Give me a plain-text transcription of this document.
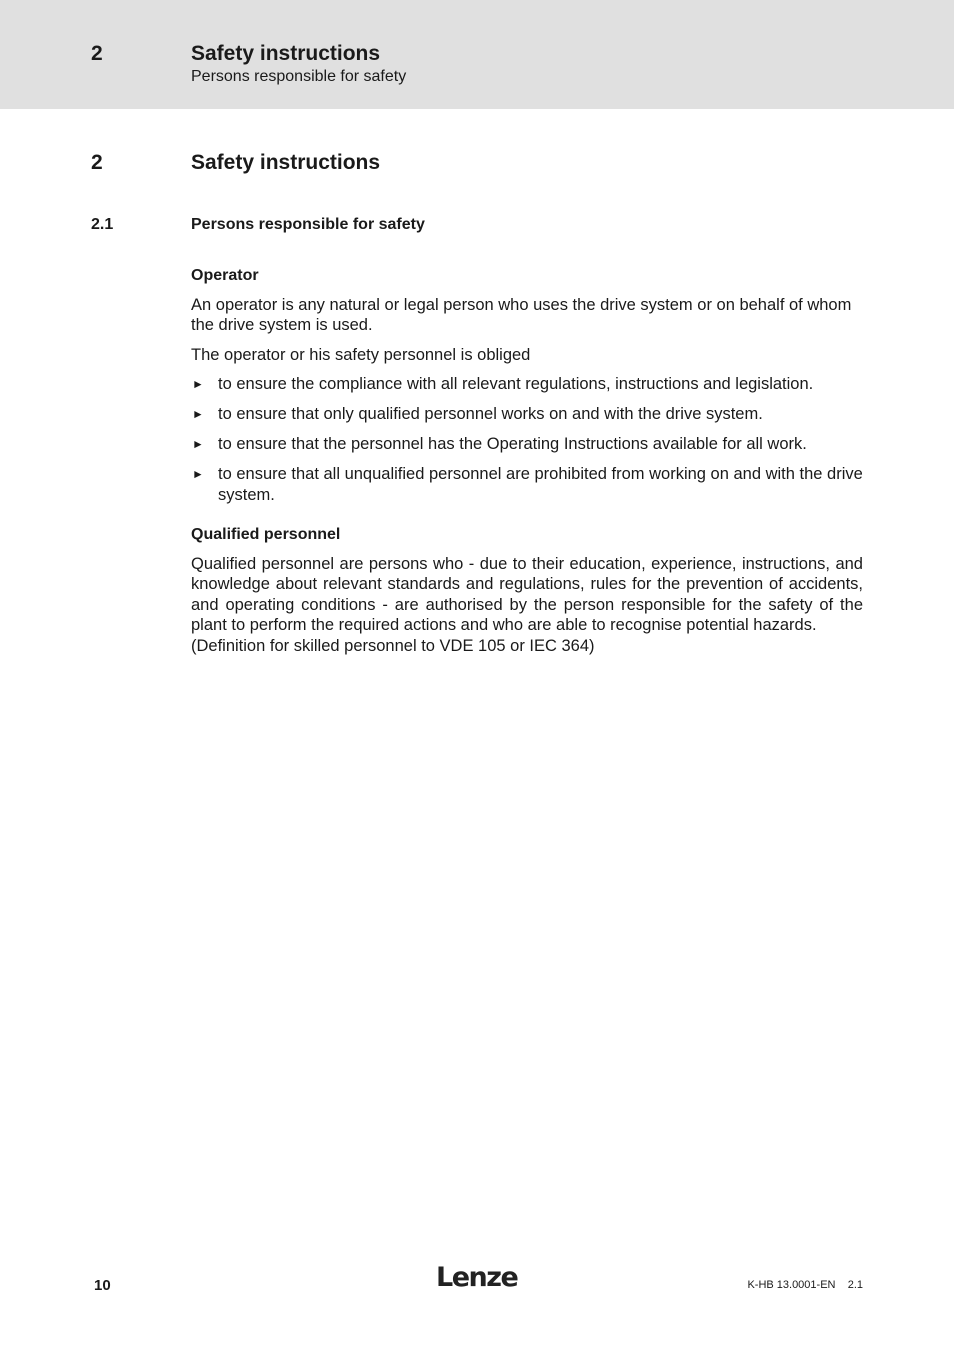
2	Safety instructions
Persons responsible for safety
2	Safety instructions
2.1	Persons responsible for safety
Operator

An operator is any natural or legal person who uses the drive system or on behalf of whom the drive system is used.

The operator or his safety personnel is obliged

► to ensure the compliance with all relevant regulations, instructions and legislation.
► to ensure that only qualified personnel works on and with the drive system.
► to ensure that the personnel has the Operating Instructions available for all work.
► to ensure that all unqualified personnel are prohibited from working on and with the drive system.
Qualified personnel

Qualified personnel are persons who - due to their education, experience, instructions, and knowledge about relevant standards and regulations, rules for the prevention of accidents, and operating conditions - are authorised by the person responsible for the safety of the plant to perform the required actions and who are able to recognise potential hazards.

(Definition for skilled personnel to VDE 105 or IEC 364)

10	Lenze	K-HB 13.0001-EN    2.1
